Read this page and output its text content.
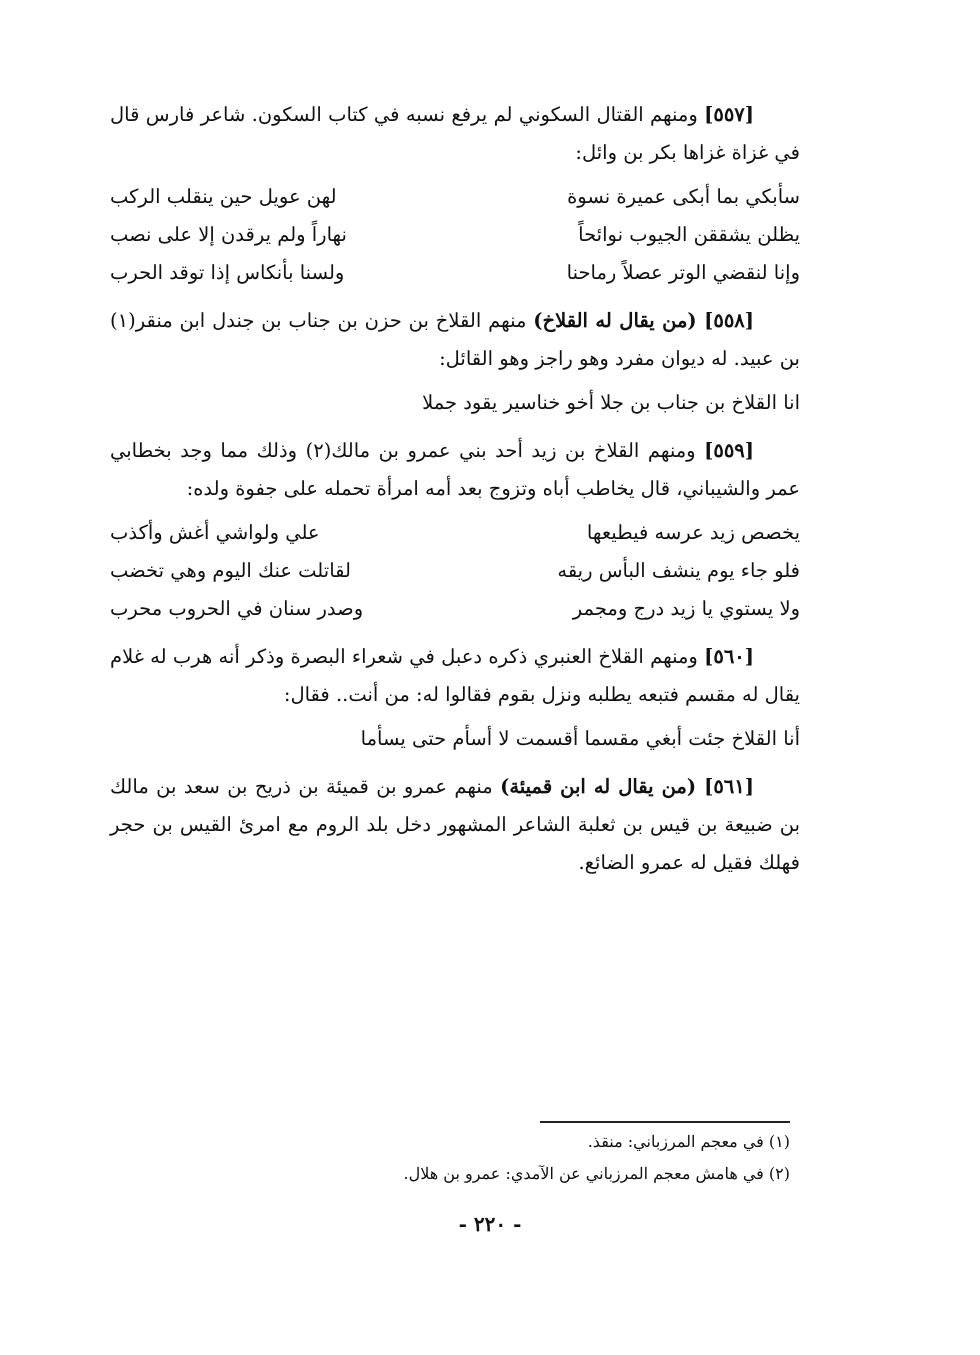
[٥٥٧] ومنهم القتال السكوني لم يرفع نسبه في كتاب السكون. شاعر فارس قال في غزاة غزاها بكر بن وائل:

سأبكي بما أبكى عميرة نسوة
لهن عويل حين ينقلب الركب
يظلن يشققن الجيوب نوائحاً
نهاراً ولم يرقدن إلا على نصب
وإنا لنقضي الوتر عصلاً رماحنا
ولسنا بأنكاس إذا توقد الحرب

[٥٥٨] (من يقال له القلاخ) منهم القلاخ بن حزن بن جناب بن جندل ابن منقر(١) بن عبيد. له ديوان مفرد وهو راجز وهو القائل:

انا القلاخ بن جناب بن جلا أخو خناسير يقود جملا

[٥٥٩] ومنهم القلاخ بن زيد أحد بني عمرو بن مالك(٢) وذلك مما وجد بخطابي عمر والشيباني، قال يخاطب أباه وتزوج بعد أمه امرأة تحمله على جفوة ولده:

يخصص زيد عرسه فيطيعها
علي ولواشي أغش وأكذب
فلو جاء يوم ينشف البأس ريقه
لقاتلت عنك اليوم وهي تخضب
ولا يستوي يا زيد درج ومجمر
وصدر سنان في الحروب محرب

[٥٦٠] ومنهم القلاخ العنبري ذكره دعبل في شعراء البصرة وذكر أنه هرب له غلام يقال له مقسم فتبعه يطلبه ونزل بقوم فقالوا له: من أنت.. فقال:

أنا القلاخ جئت أبغي مقسما أقسمت لا أسأم حتى يسأما

[٥٦١] (من يقال له ابن قميئة) منهم عمرو بن قميئة بن ذريح بن سعد بن مالك بن ضبيعة بن قيس بن ثعلبة الشاعر المشهور دخل بلد الروم مع امرئ القيس بن حجر فهلك فقيل له عمرو الضائع.

(١) في معجم المرزباني: منقذ.
(٢) في هامش معجم المرزباني عن الآمدي: عمرو بن هلال.
- ٢٢٠ -
